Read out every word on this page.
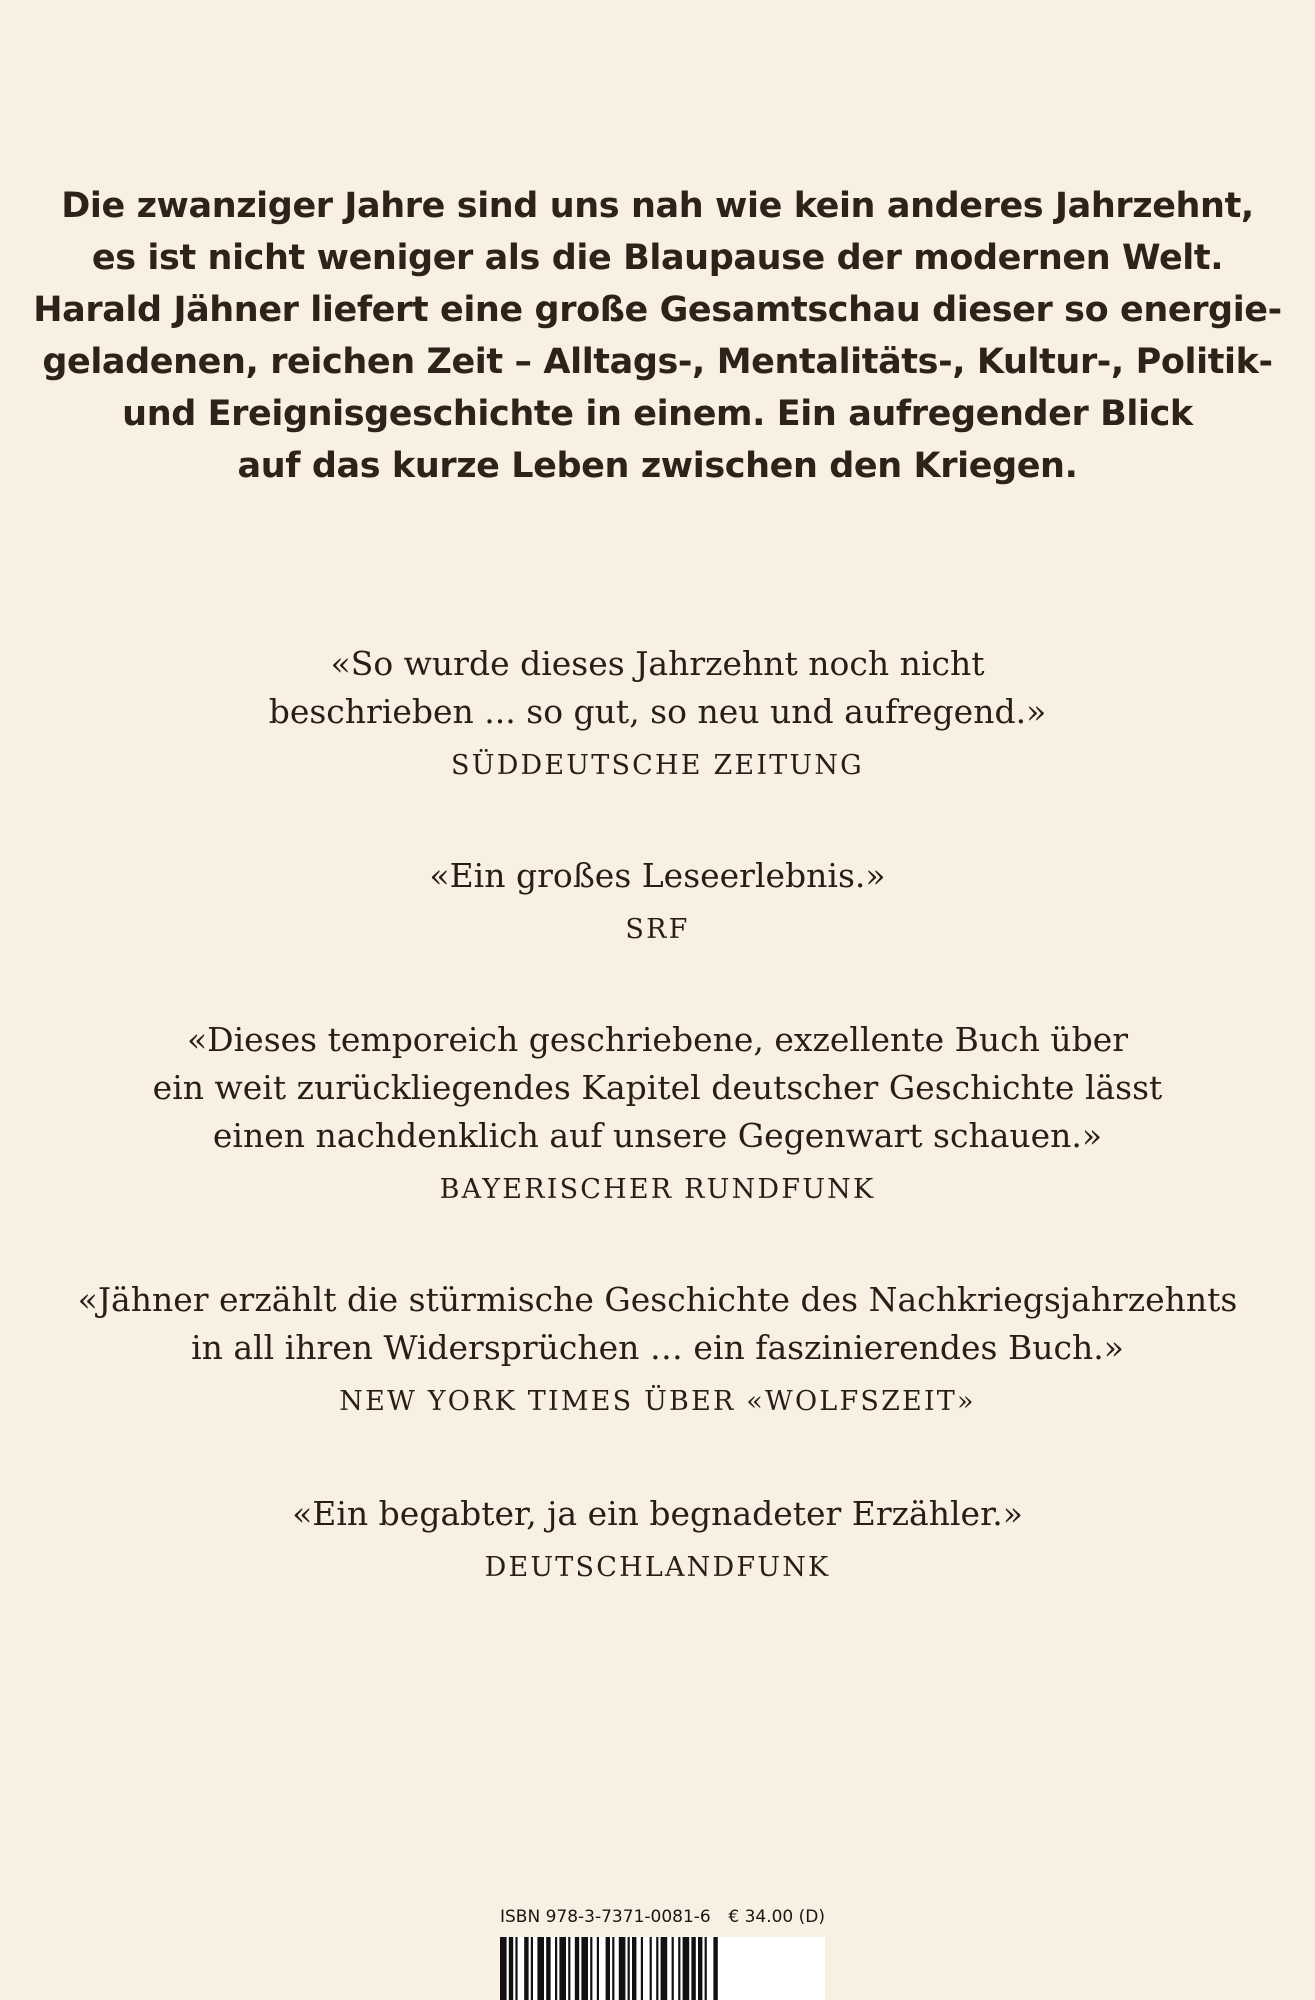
Die zwanziger Jahre sind uns nah wie kein anderes Jahrzehnt,
es ist nicht weniger als die Blaupause der modernen Welt.
Harald Jähner liefert eine große Gesamtschau dieser so energie-
geladenen, reichen Zeit – Alltags-, Mentalitäts-, Kultur-, Politik-
und Ereignisgeschichte in einem. Ein aufregender Blick
auf das kurze Leben zwischen den Kriegen.
«So wurde dieses Jahrzehnt noch nicht
beschrieben ... so gut, so neu und aufregend.»
SÜDDEUTSCHE ZEITUNG
«Ein großes Leseerlebnis.»
SRF
«Dieses temporeich geschriebene, exzellente Buch über
ein weit zurückliegendes Kapitel deutscher Geschichte lässt
einen nachdenklich auf unsere Gegenwart schauen.»
BAYERISCHER RUNDFUNK
«Jähner erzählt die stürmische Geschichte des Nachkriegsjahrzehnts
in all ihren Widersprüchen … ein faszinierendes Buch.»
NEW YORK TIMES ÜBER «WOLFSZEIT»
«Ein begabter, ja ein begnadeter Erzähler.»
DEUTSCHLANDFUNK
ISBN 978-3-7371-0081-6 € 34.00 (D)
